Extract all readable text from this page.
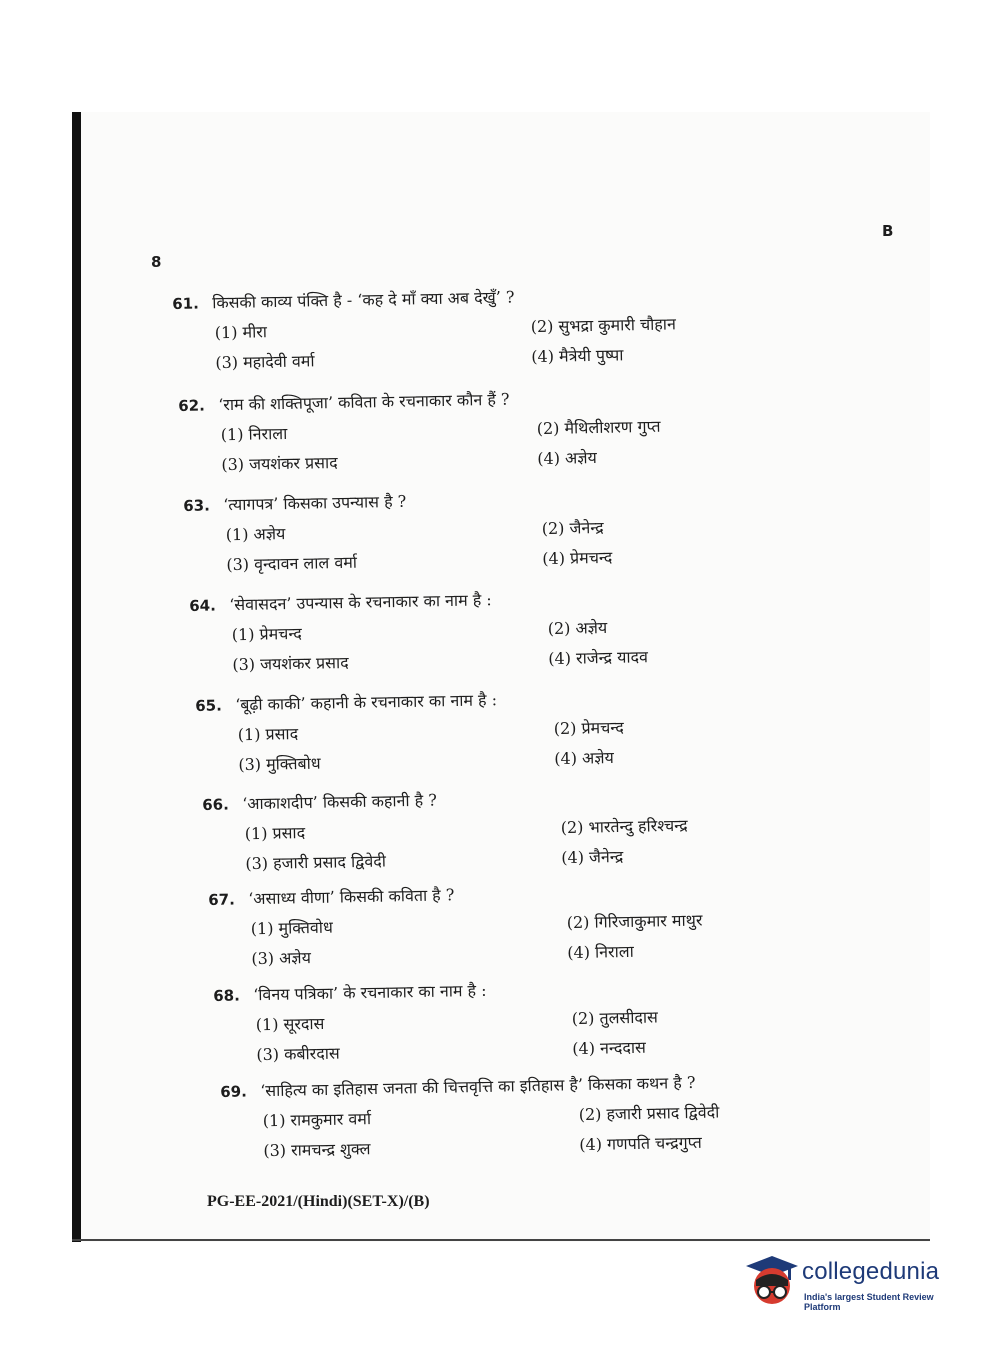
8
B
61. किसकी काव्य पंक्ति है - ‘कह दे माँ क्या अब देखुँ’ ?
(1) मीरा	(2) सुभद्रा कुमारी चौहान
(3) महादेवी वर्मा	(4) मैत्रेयी पुष्पा
62. ‘राम की शक्तिपूजा’ कविता के रचनाकार कौन हैं ?
(1) निराला	(2) मैथिलीशरण गुप्त
(3) जयशंकर प्रसाद	(4) अज्ञेय
63. ‘त्यागपत्र’ किसका उपन्यास है ?
(1) अज्ञेय	(2) जैनेन्द्र
(3) वृन्दावन लाल वर्मा	(4) प्रेमचन्द
64. ‘सेवासदन’ उपन्यास के रचनाकार का नाम है :
(1) प्रेमचन्द	(2) अज्ञेय
(3) जयशंकर प्रसाद	(4) राजेन्द्र यादव
65. ‘बूढ़ी काकी’ कहानी के रचनाकार का नाम है :
(1) प्रसाद	(2) प्रेमचन्द
(3) मुक्तिबोध	(4) अज्ञेय
66. ‘आकाशदीप’ किसकी कहानी है ?
(1) प्रसाद	(2) भारतेन्दु हरिश्चन्द्र
(3) हजारी प्रसाद द्विवेदी	(4) जैनेन्द्र
67. ‘असाध्य वीणा’ किसकी कविता है ?
(1) मुक्तिवोध	(2) गिरिजाकुमार माथुर
(3) अज्ञेय	(4) निराला
68. ‘विनय पत्रिका’ के रचनाकार का नाम है :
(1) सूरदास	(2) तुलसीदास
(3) कबीरदास	(4) नन्ददास
69. ‘साहित्य का इतिहास जनता की चित्तवृत्ति का इतिहास है’ किसका कथन है ?
(1) रामकुमार वर्मा	(2) हजारी प्रसाद द्विवेदी
(3) रामचन्द्र शुक्ल	(4) गणपति चन्द्रगुप्त
PG-EE-2021/(Hindi)(SET-X)/(B)
collegedunia
India's largest Student Review Platform
